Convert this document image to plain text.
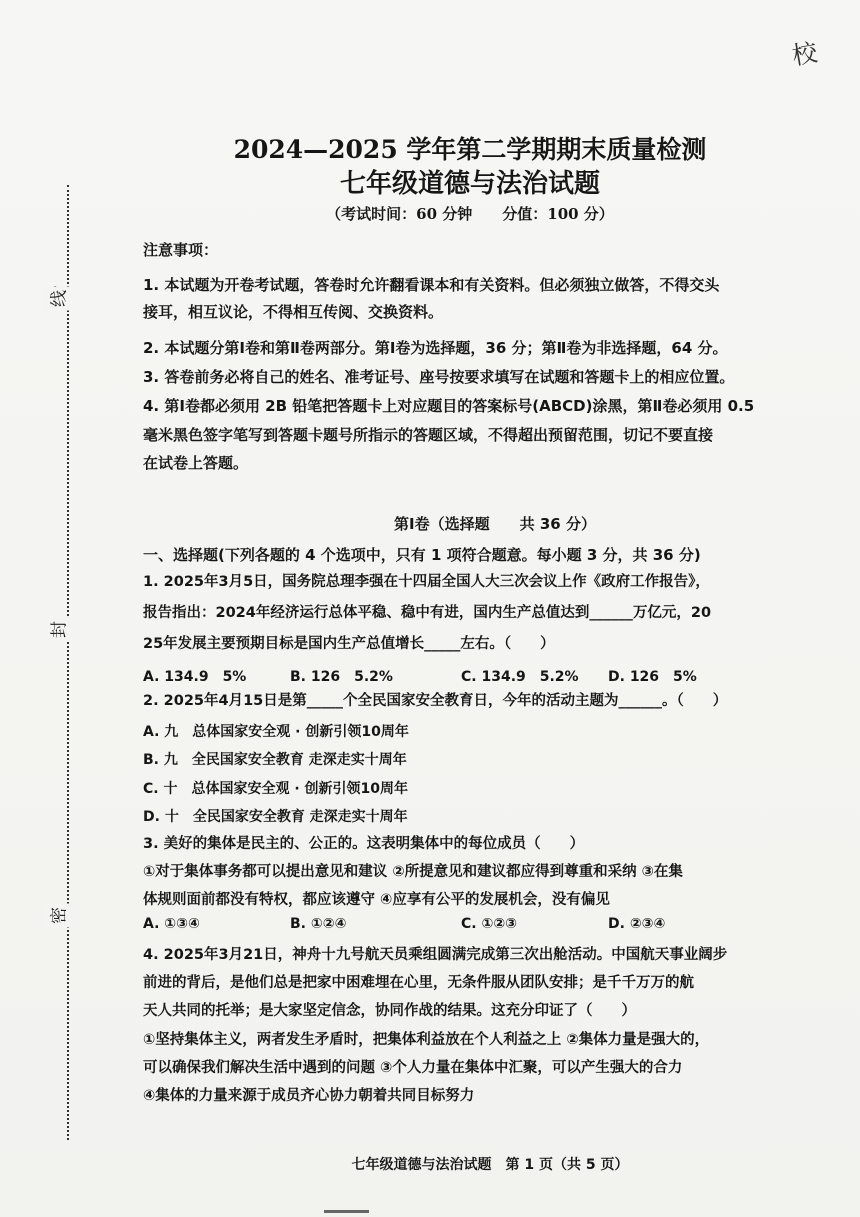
校
线
封
密
2024—2025 学年第二学期期末质量检测
七年级道德与法治试题
（考试时间：60 分钟　　分值：100 分）
注意事项：
1. 本试题为开卷考试题，答卷时允许翻看课本和有关资料。但必须独立做答，不得交头
接耳，相互议论，不得相互传阅、交换资料。
2. 本试题分第Ⅰ卷和第Ⅱ卷两部分。第Ⅰ卷为选择题，36 分；第Ⅱ卷为非选择题，64 分。
3. 答卷前务必将自己的姓名、准考证号、座号按要求填写在试题和答题卡上的相应位置。
4. 第Ⅰ卷都必须用 2B 铅笔把答题卡上对应题目的答案标号(ABCD)涂黑，第Ⅱ卷必须用 0.5
毫米黑色签字笔写到答题卡题号所指示的答题区域，不得超出预留范围，切记不要直接
在试卷上答题。
第Ⅰ卷（选择题　　共 36 分）
一、选择题(下列各题的 4 个选项中，只有 1 项符合题意。每小题 3 分，共 36 分)
1. 2025年3月5日，国务院总理李强在十四届全国人大三次会议上作《政府工作报告》，
报告指出：2024年经济运行总体平稳、稳中有进，国内生产总值达到______万亿元，20
25年发展主要预期目标是国内生产总值增长_____左右。（　　）
A. 134.9　5%	B. 126　5.2%	C. 134.9　5.2% D. 126　5%
2. 2025年4月15日是第_____个全民国家安全教育日，今年的活动主题为______。（　　）
A. 九　总体国家安全观 · 创新引领10周年
B. 九　全民国家安全教育 走深走实十周年
C. 十　总体国家安全观 · 创新引领10周年
D. 十　全民国家安全教育 走深走实十周年
3. 美好的集体是民主的、公正的。这表明集体中的每位成员（　　）
①对于集体事务都可以提出意见和建议 ②所提意见和建议都应得到尊重和采纳 ③在集
体规则面前都没有特权，都应该遵守 ④应享有公平的发展机会，没有偏见
A. ①③④	B. ①②④	C. ①②③	D. ②③④
4. 2025年3月21日，神舟十九号航天员乘组圆满完成第三次出舱活动。中国航天事业阔步
前进的背后，是他们总是把家中困难埋在心里，无条件服从团队安排；是千千万万的航
天人共同的托举；是大家坚定信念，协同作战的结果。这充分印证了（　　）
①坚持集体主义，两者发生矛盾时，把集体利益放在个人利益之上 ②集体力量是强大的，
可以确保我们解决生活中遇到的问题 ③个人力量在集体中汇聚，可以产生强大的合力
④集体的力量来源于成员齐心协力朝着共同目标努力
七年级道德与法治试题　第 1 页（共 5 页）
